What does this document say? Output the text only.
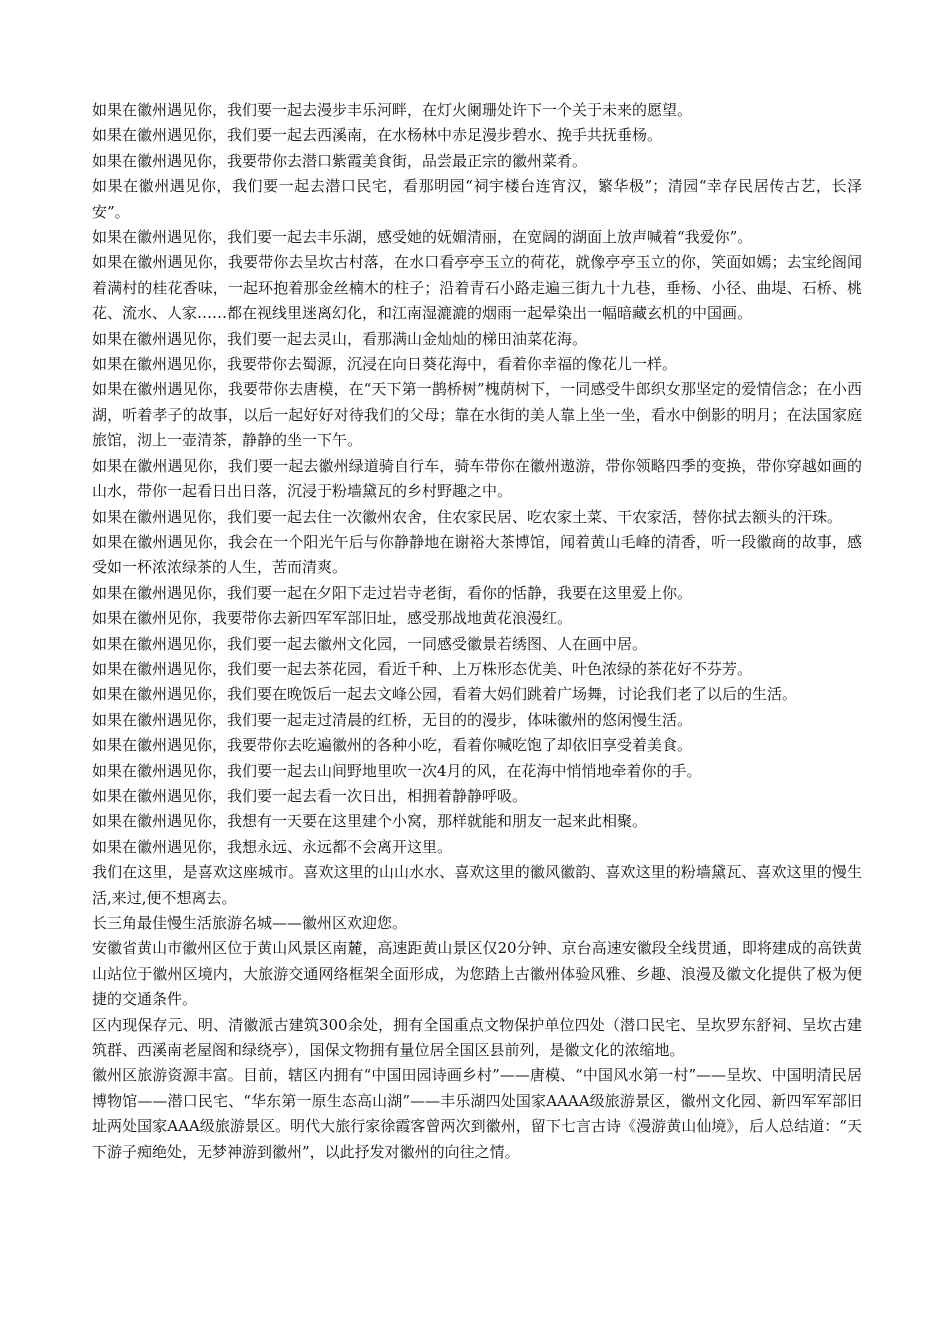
如果在徽州遇见你，我们要一起去漫步丰乐河畔，在灯火阑珊处许下一个关于未来的愿望。

如果在徽州遇见你，我们要一起去西溪南，在水杨林中赤足漫步碧水、挽手共抚垂杨。

如果在徽州遇见你，我要带你去潜口紫霞美食街，品尝最正宗的徽州菜肴。

如果在徽州遇见你，我们要一起去潜口民宅，看那明园“祠宇楼台连宵汉，繁华极”；清园“幸存民居传古艺，长泽安”。

如果在徽州遇见你，我们要一起去丰乐湖，感受她的妩媚清丽，在宽阔的湖面上放声喊着“我爱你”。

如果在徽州遇见你，我要带你去呈坎古村落，在水口看亭亭玉立的荷花，就像亭亭玉立的你，笑面如嫣；去宝纶阁闻着满村的桂花香味，一起环抱着那金丝楠木的柱子；沿着青石小路走遍三街九十九巷，垂杨、小径、曲堤、石桥、桃花、流水、人家……都在视线里迷离幻化，和江南湿漉漉的烟雨一起晕染出一幅暗藏玄机的中国画。

如果在徽州遇见你，我们要一起去灵山，看那满山金灿灿的梯田油菜花海。

如果在徽州遇见你，我要带你去蜀源，沉浸在向日葵花海中，看着你幸福的像花儿一样。

如果在徽州遇见你，我要带你去唐模，在“天下第一鹊桥树”槐荫树下，一同感受牛郎织女那坚定的爱情信念；在小西湖，听着孝子的故事，以后一起好好对待我们的父母；靠在水街的美人靠上坐一坐，看水中倒影的明月；在法国家庭旅馆，沏上一壶清茶，静静的坐一下午。

如果在徽州遇见你，我们要一起去徽州绿道骑自行车，骑车带你在徽州遨游，带你领略四季的变换，带你穿越如画的山水，带你一起看日出日落，沉浸于粉墙黛瓦的乡村野趣之中。

如果在徽州遇见你，我们要一起去住一次徽州农舍，住农家民居、吃农家土菜、干农家活，替你拭去额头的汗珠。

如果在徽州遇见你，我会在一个阳光午后与你静静地在谢裕大茶博馆，闻着黄山毛峰的清香，听一段徽商的故事，感受如一杯浓浓绿茶的人生，苦而清爽。

如果在徽州遇见你，我们要一起在夕阳下走过岩寺老街，看你的恬静，我要在这里爱上你。

如果在徽州见你，我要带你去新四军军部旧址，感受那战地黄花浪漫红。

如果在徽州遇见你，我们要一起去徽州文化园，一同感受徽景若绣图、人在画中居。

如果在徽州遇见你，我们要一起去茶花园，看近千种、上万株形态优美、叶色浓绿的茶花好不芬芳。

如果在徽州遇见你，我们要在晚饭后一起去文峰公园，看着大妈们跳着广场舞，讨论我们老了以后的生活。

如果在徽州遇见你，我们要一起走过清晨的红桥，无目的的漫步，体味徽州的悠闲慢生活。

如果在徽州遇见你，我要带你去吃遍徽州的各种小吃，看着你喊吃饱了却依旧享受着美食。

如果在徽州遇见你，我们要一起去山间野地里吹一次4月的风，在花海中悄悄地牵着你的手。

如果在徽州遇见你，我们要一起去看一次日出，相拥着静静呼吸。

如果在徽州遇见你，我想有一天要在这里建个小窝，那样就能和朋友一起来此相聚。

如果在徽州遇见你，我想永远、永远都不会离开这里。

我们在这里，是喜欢这座城市。喜欢这里的山山水水、喜欢这里的徽风徽韵、喜欢这里的粉墙黛瓦、喜欢这里的慢生活,来过,便不想离去。

长三角最佳慢生活旅游名城——徽州区欢迎您。

安徽省黄山市徽州区位于黄山风景区南麓，高速距黄山景区仅20分钟、京台高速安徽段全线贯通，即将建成的高铁黄山站位于徽州区境内，大旅游交通网络框架全面形成，为您踏上古徽州体验风雅、乡趣、浪漫及徽文化提供了极为便捷的交通条件。

区内现保存元、明、清徽派古建筑300余处，拥有全国重点文物保护单位四处（潜口民宅、呈坎罗东舒祠、呈坎古建筑群、西溪南老屋阁和绿绕亭），国保文物拥有量位居全国区县前列，是徽文化的浓缩地。

徽州区旅游资源丰富。目前，辖区内拥有“中国田园诗画乡村”——唐模、“中国风水第一村”——呈坎、中国明清民居博物馆——潜口民宅、“华东第一原生态高山湖”——丰乐湖四处国家AAAA级旅游景区，徽州文化园、新四军军部旧址两处国家AAA级旅游景区。明代大旅行家徐霞客曾两次到徽州，留下七言古诗《漫游黄山仙境》，后人总结道：“天下游子痴绝处，无梦神游到徽州”，以此抒发对徽州的向往之情。
